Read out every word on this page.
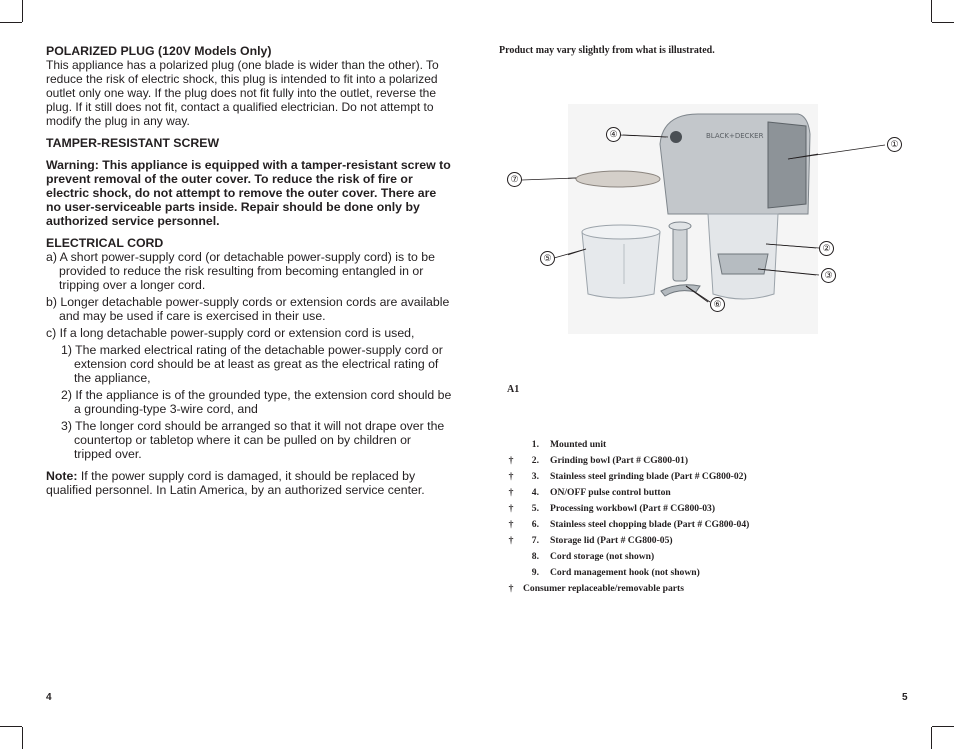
POLARIZED PLUG (120V Models Only)

This appliance has a polarized plug (one blade is wider than the other). To reduce the risk of electric shock, this plug is intended to fit into a polarized outlet only one way. If the plug does not fit fully into the outlet, reverse the plug. If it still does not fit, contact a qualified electrician. Do not attempt to modify the plug in any way.

TAMPER-RESISTANT SCREW

Warning: This appliance is equipped with a tamper-resistant screw to prevent removal of the outer cover. To reduce the risk of fire or electric shock, do not attempt to remove the outer cover. There are no user-serviceable parts inside. Repair should be done only by authorized service personnel.

ELECTRICAL CORD

a) A short power-supply cord (or detachable power-supply cord) is to be provided to reduce the risk resulting from becoming entangled in or tripping over a longer cord.

b) Longer detachable power-supply cords or extension cords are available and may be used if care is exercised in their use.

c) If a long detachable power-supply cord or extension cord is used,

1) The marked electrical rating of the detachable power-supply cord or extension cord should be at least as great as the electrical rating of the appliance,

2) If the appliance is of the grounded type, the extension cord should be a grounding-type 3-wire cord, and

3) The longer cord should be arranged so that it will not drape over the countertop or tabletop where it can be pulled on by children or tripped over.

Note: If the power supply cord is damaged, it should be replaced by qualified personnel. In Latin America, by an authorized service center.

4
Product may vary slightly from what is illustrated.
BLACK+DECKER
①
②
③
④
⑤
⑥
⑦
A1
1.	Mounted unit
†	2.	Grinding bowl (Part # CG800-01)
†	3.	Stainless steel grinding blade (Part # CG800-02)
†	4.	ON/OFF pulse control button
†	5.	Processing workbowl (Part # CG800-03)
†	6.	Stainless steel chopping blade (Part # CG800-04)
†	7.	Storage lid (Part # CG800-05)
8.	Cord storage (not shown)
9.	Cord management hook (not shown)
†	Consumer replaceable/removable parts
5
